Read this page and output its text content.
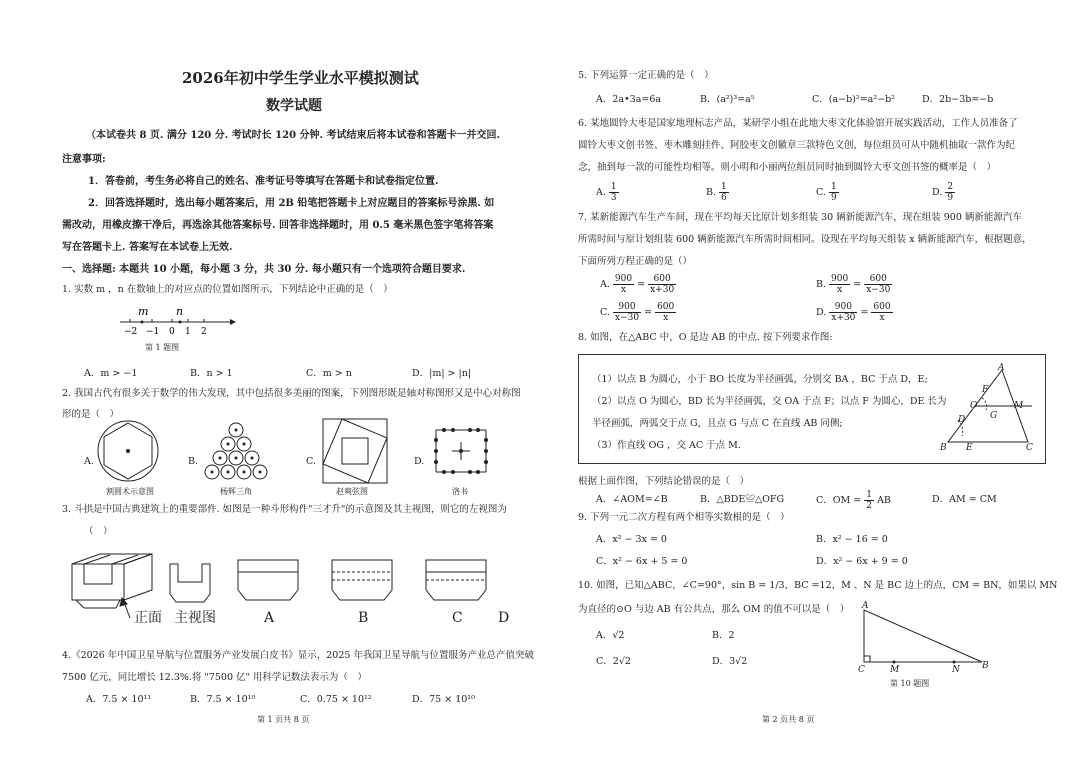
2026年初中学生学业水平模拟测试
数学试题
（本试卷共 8 页. 满分 120 分. 考试时长 120 分钟. 考试结束后将本试卷和答题卡一并交回.
注意事项:
1．答卷前，考生务必将自己的姓名、准考证号等填写在答题卡和试卷指定位置.
2．回答选择题时，选出每小题答案后，用 2B 铅笔把答题卡上对应题目的答案标号涂黑. 如
需改动，用橡皮擦干净后，再选涂其他答案标号. 回答非选择题时，用 0.5 毫米黑色签字笔将答案
写在答题卡上. 答案写在本试卷上无效.
一、选择题: 本题共 10 小题，每小题 3 分，共 30 分. 每小题只有一个选项符合题目要求.
1. 实数 m ，n 在数轴上的对应点的位置如图所示，下列结论中正确的是（　）
m	n
−2 −1 0 1 2
第 1 题图
A．m > −1	B．n > 1	C．m > n	D．|m| > |n|
2. 我国古代有很多关于数学的伟大发现，其中包括很多美丽的图案，下列图形既是轴对称图形又是中心对称图
形的是（　）
A.
割圆术示意图
B.
杨辉三角
C.
赵爽弦图
D.
洛书
3. 斗拱是中国古典建筑上的重要部件. 如图是一种斗形构件"三才升"的示意图及其主视图，则它的左视图为
（　）
正面 主视图	A	B	C	D
4.《2026 年中国卫星导航与位置服务产业发展白皮书》显示，2025 年我国卫星导航与位置服务产业总产值突破
7500 亿元，同比增长 12.3%.将 "7500 亿" 用科学记数法表示为（　）
A．7.5 × 10¹¹	B．7.5 × 10¹⁰	C．0.75 × 10¹²	D．75 × 10¹⁰
第 1 页共 8 页
5. 下列运算一定正确的是（　）
A．2a•3a=6a	B．(a²)³=a⁵	C．(a−b)²=a²−b²	D．2b−3b=−b
6. 某地圆铃大枣是国家地理标志产品，某研学小组在此地大枣文化体验馆开展实践活动，工作人员准备了
圆铃大枣文创书签、枣木雕刻挂件、阿胶枣文创徽章三款特色文创，每位组员可从中随机抽取一款作为纪
念，抽到每一款的可能性均相等。则小明和小丽两位组员同时抽到圆铃大枣文创书签的概率是（　）
A. $\frac{1}{3}$	B. $\frac{1}{6}$	C. $\frac{1}{9}$	D. $\frac{2}{9}$
7. 某新能源汽车生产车间，现在平均每天比原计划多组装 30 辆新能源汽车，现在组装 900 辆新能源汽车
所需时间与原计划组装 600 辆新能源汽车所需时间相同。设现在平均每天组装 x 辆新能源汽车，根据题意，
下面所列方程正确的是（）
A. $\frac{900}{x} = \frac{600}{x+30}$	B. $\frac{900}{x} = \frac{600}{x-30}$
C. $\frac{900}{x-30} = \frac{600}{x}$	D. $\frac{900}{x+30} = \frac{600}{x}$
8. 如图，在△ABC 中，O 是边 AB 的中点. 按下列要求作图:
（1）以点 B 为圆心，小于 BO 长度为半径画弧，分别交 BA ，BC 于点 D，E;
（2）以点 O 为圆心，BD 长为半径画弧，交 OA 于点 F；以点 F 为圆心，DE 长为
半径画弧，两弧交于点 G，且点 G 与点 C 在直线 AB 同侧;
（3）作直线 OG ，交 AC 于点 M.
A
F
O	M
D	G
B E	C
根据上面作图，下列结论错误的是（　）
A．∠AOM=∠B	B．△BDE≌△OFG	C．OM = $\frac{1}{2}$ AB	D．AM = CM
9. 下列一元二次方程有两个相等实数根的是（　）
A．x² − 3x = 0	B．x² − 16 = 0
C．x² − 6x + 5 = 0	D．x² − 6x + 9 = 0
10. 如图，已知△ABC，∠C=90°，sin B = 1/3，BC =12，M 、N 是 BC 边上的点，CM = BN，如果以 MN
为直径的⊙O 与边 AB 有公共点，那么 OM 的值不可以是（　）
A．√2	B．2
C．2√2	D．3√2
A
C	M	N B
第 10 题图
第 2 页共 8 页
